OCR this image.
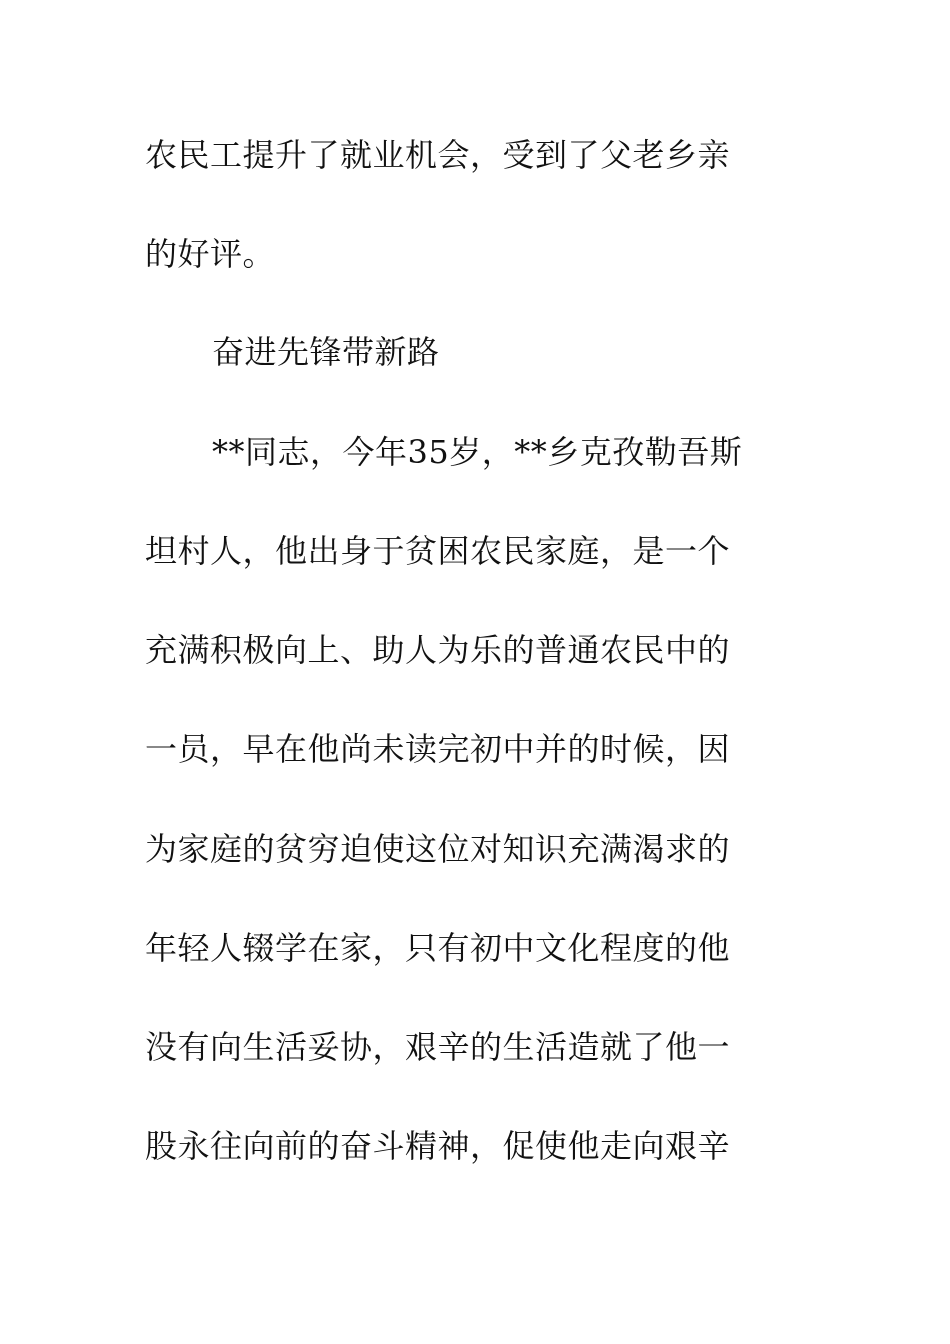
农民工提升了就业机会，受到了父老乡亲
的好评。
奋进先锋带新路
**同志，今年35岁，**乡克孜勒吾斯
坦村人，他出身于贫困农民家庭，是一个
充满积极向上、助人为乐的普通农民中的
一员，早在他尚未读完初中并的时候，因
为家庭的贫穷迫使这位对知识充满渴求的
年轻人辍学在家，只有初中文化程度的他
没有向生活妥协，艰辛的生活造就了他一
股永往向前的奋斗精神，促使他走向艰辛
